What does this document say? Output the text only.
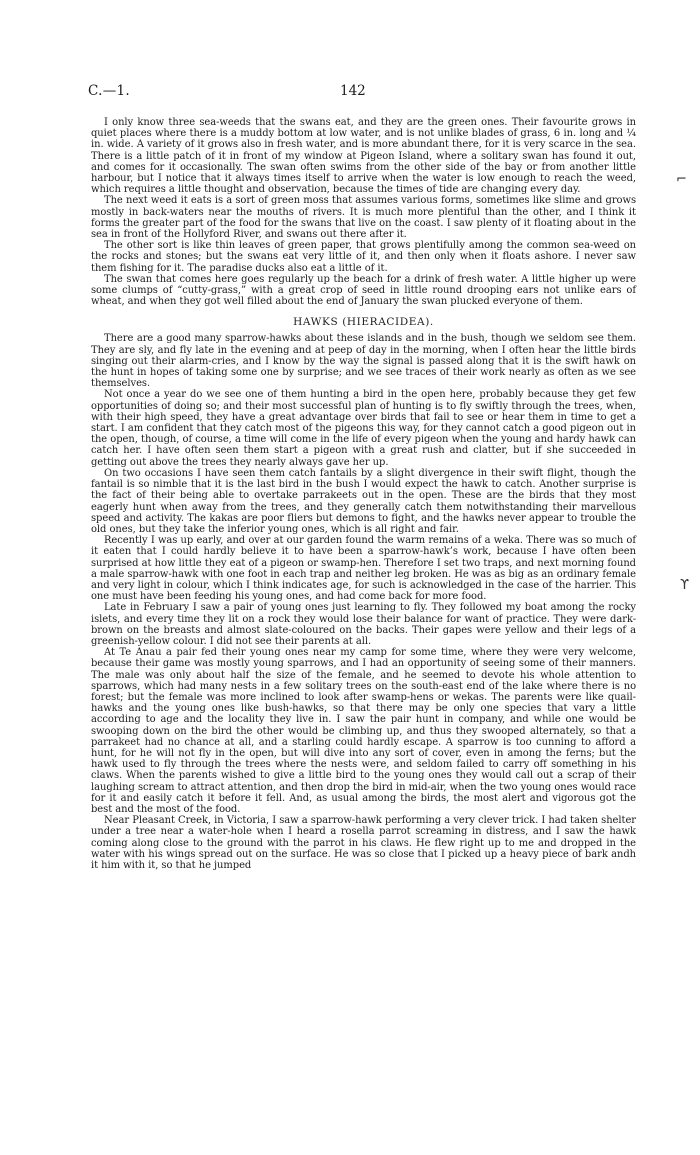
C.—1.	142
⌐
ϒ

I only know three sea-weeds that the swans eat, and they are the green ones. Their favourite grows in quiet places where there is a muddy bottom at low water, and is not unlike blades of grass, 6 in. long and ¼ in. wide. A variety of it grows also in fresh water, and is more abundant there, for it is very scarce in the sea. There is a little patch of it in front of my window at Pigeon Island, where a solitary swan has found it out, and comes for it occasionally. The swan often swims from the other side of the bay or from another little harbour, but I notice that it always times itself to arrive when the water is low enough to reach the weed, which requires a little thought and observation, because the times of tide are changing every day.

The next weed it eats is a sort of green moss that assumes various forms, sometimes like slime and grows mostly in back-waters near the mouths of rivers. It is much more plentiful than the other, and I think it forms the greater part of the food for the swans that live on the coast. I saw plenty of it floating about in the sea in front of the Hollyford River, and swans out there after it.

The other sort is like thin leaves of green paper, that grows plentifully among the common sea-weed on the rocks and stones; but the swans eat very little of it, and then only when it floats ashore. I never saw them fishing for it. The paradise ducks also eat a little of it.

The swan that comes here goes regularly up the beach for a drink of fresh water. A little higher up were some clumps of “cutty-grass,” with a great crop of seed in little round drooping ears not unlike ears of wheat, and when they got well filled about the end of January the swan plucked everyone of them.

HAWKS (HIERACIDEA).

There are a good many sparrow-hawks about these islands and in the bush, though we seldom see them. They are sly, and fly late in the evening and at peep of day in the morning, when I often hear the little birds singing out their alarm-cries, and I know by the way the signal is passed along that it is the swift hawk on the hunt in hopes of taking some one by surprise; and we see traces of their work nearly as often as we see themselves.

Not once a year do we see one of them hunting a bird in the open here, probably because they get few opportunities of doing so; and their most successful plan of hunting is to fly swiftly through the trees, when, with their high speed, they have a great advantage over birds that fail to see or hear them in time to get a start. I am confident that they catch most of the pigeons this way, for they cannot catch a good pigeon out in the open, though, of course, a time will come in the life of every pigeon when the young and hardy hawk can catch her. I have often seen them start a pigeon with a great rush and clatter, but if she succeeded in getting out above the trees they nearly always gave her up.

On two occasions I have seen them catch fantails by a slight divergence in their swift flight, though the fantail is so nimble that it is the last bird in the bush I would expect the hawk to catch. Another surprise is the fact of their being able to overtake parrakeets out in the open. These are the birds that they most eagerly hunt when away from the trees, and they generally catch them notwithstanding their marvellous speed and activity. The kakas are poor fliers but demons to fight, and the hawks never appear to trouble the old ones, but they take the inferior young ones, which is all right and fair.

Recently I was up early, and over at our garden found the warm remains of a weka. There was so much of it eaten that I could hardly believe it to have been a sparrow-hawk’s work, because I have often been surprised at how little they eat of a pigeon or swamp-hen. Therefore I set two traps, and next morning found a male sparrow-hawk with one foot in each trap and neither leg broken. He was as big as an ordinary female and very light in colour, which I think indicates age, for such is acknowledged in the case of the harrier. This one must have been feeding his young ones, and had come back for more food.

Late in February I saw a pair of young ones just learning to fly. They followed my boat among the rocky islets, and every time they lit on a rock they would lose their balance for want of practice. They were dark-brown on the breasts and almost slate-coloured on the backs. Their gapes were yellow and their legs of a greenish-yellow colour. I did not see their parents at all.

At Te Anau a pair fed their young ones near my camp for some time, where they were very welcome, because their game was mostly young sparrows, and I had an opportunity of seeing some of their manners. The male was only about half the size of the female, and he seemed to devote his whole attention to sparrows, which had many nests in a few solitary trees on the south-east end of the lake where there is no forest; but the female was more inclined to look after swamp-hens or wekas. The parents were like quail-hawks and the young ones like bush-hawks, so that there may be only one species that vary a little according to age and the locality they live in. I saw the pair hunt in company, and while one would be swooping down on the bird the other would be climbing up, and thus they swooped alternately, so that a parrakeet had no chance at all, and a starling could hardly escape. A sparrow is too cunning to afford a hunt, for he will not fly in the open, but will dive into any sort of cover, even in among the ferns; but the hawk used to fly through the trees where the nests were, and seldom failed to carry off something in his claws. When the parents wished to give a little bird to the young ones they would call out a scrap of their laughing scream to attract attention, and then drop the bird in mid-air, when the two young ones would race for it and easily catch it before it fell. And, as usual among the birds, the most alert and vigorous got the best and the most of the food.

Near Pleasant Creek, in Victoria, I saw a sparrow-hawk performing a very clever trick. I had taken shelter under a tree near a water-hole when I heard a rosella parrot screaming in distress, and I saw the hawk coming along close to the ground with the parrot in his claws. He flew right up to me and dropped in the water with his wings spread out on the surface. He was so close that I picked up a heavy piece of bark andh it him with it, so that he jumped
